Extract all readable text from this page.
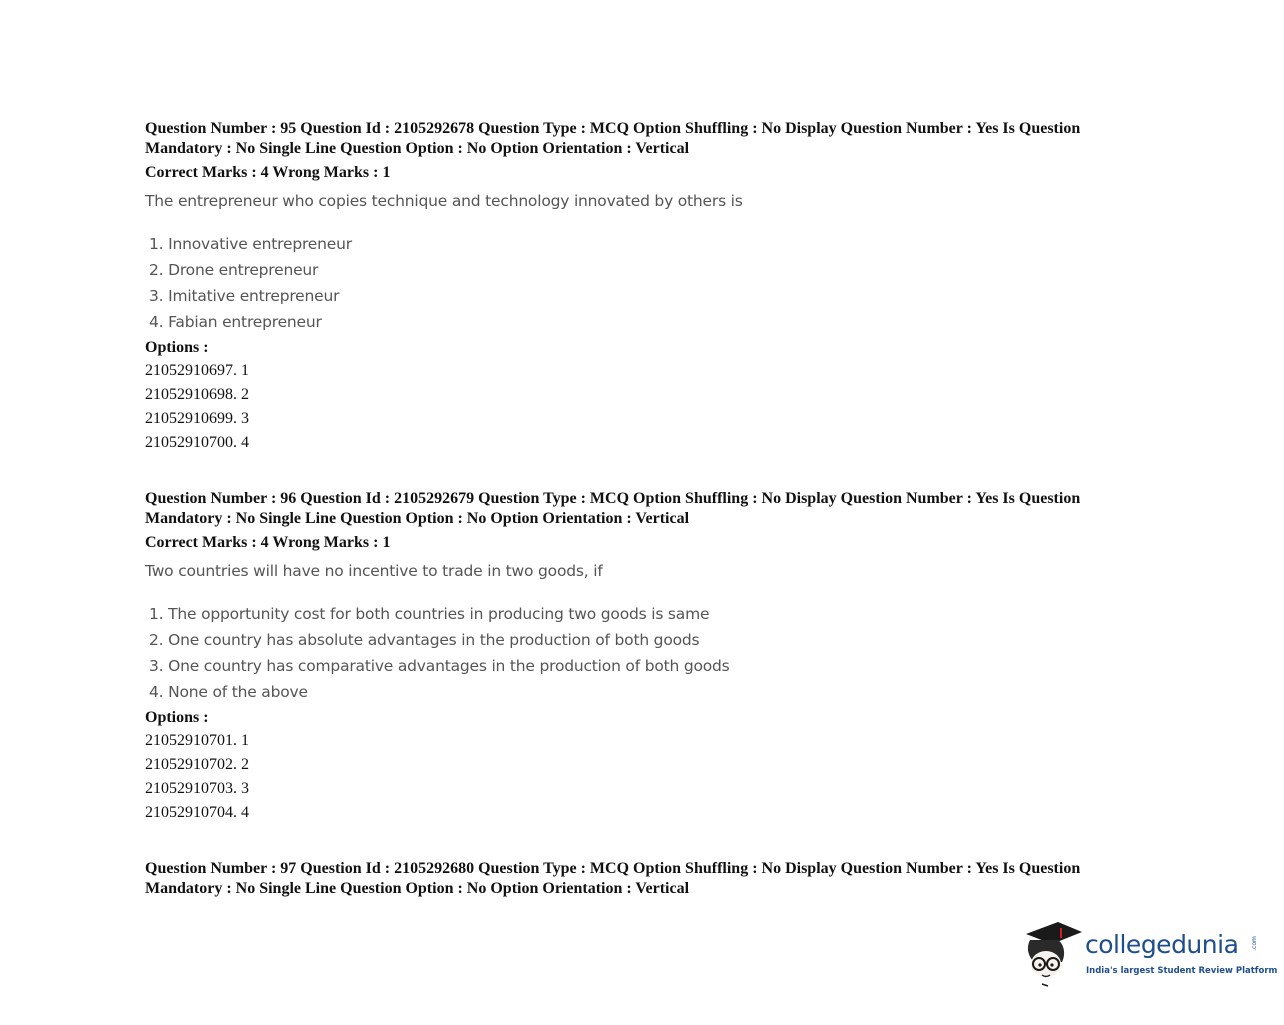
Question Number : 95 Question Id : 2105292678 Question Type : MCQ Option Shuffling : No Display Question Number : Yes Is Question Mandatory : No Single Line Question Option : No Option Orientation : Vertical

Correct Marks : 4 Wrong Marks : 1
The entrepreneur who copies technique and technology innovated by others is
1. Innovative entrepreneur
2. Drone entrepreneur
3. Imitative entrepreneur
4. Fabian entrepreneur
Options :
21052910697. 1
21052910698. 2
21052910699. 3
21052910700. 4

Question Number : 96 Question Id : 2105292679 Question Type : MCQ Option Shuffling : No Display Question Number : Yes Is Question Mandatory : No Single Line Question Option : No Option Orientation : Vertical

Correct Marks : 4 Wrong Marks : 1
Two countries will have no incentive to trade in two goods, if
1. The opportunity cost for both countries in producing two goods is same
2. One country has absolute advantages in the production of both goods
3. One country has comparative advantages in the production of both goods
4. None of the above
Options :
21052910701. 1
21052910702. 2
21052910703. 3
21052910704. 4

Question Number : 97 Question Id : 2105292680 Question Type : MCQ Option Shuffling : No Display Question Number : Yes Is Question Mandatory : No Single Line Question Option : No Option Orientation : Vertical

collegedunia .com
India's largest Student Review Platform
